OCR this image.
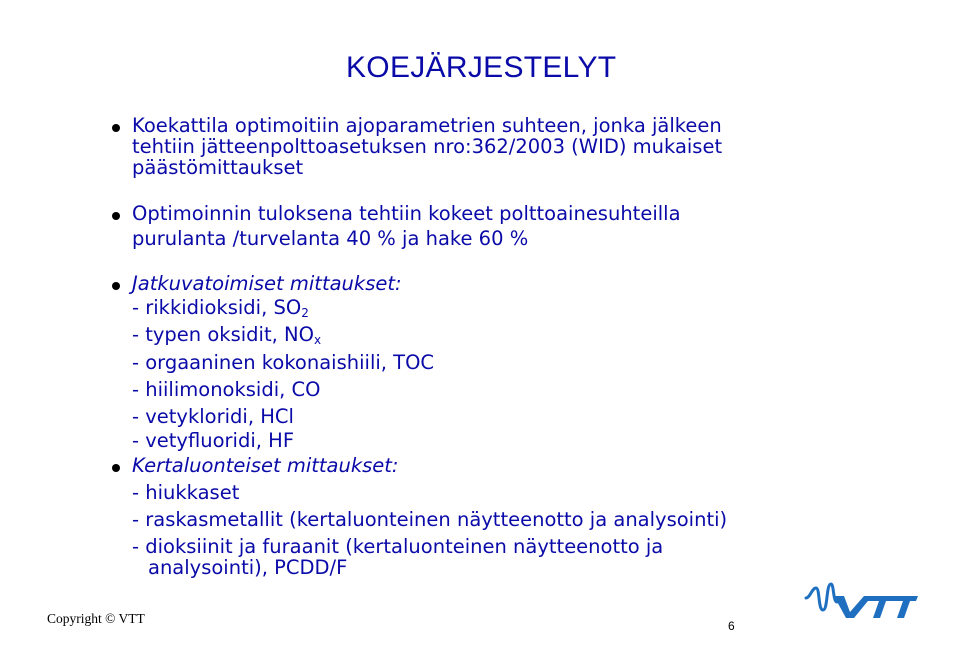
KOEJÄRJESTELYT
Koekattila optimoitiin ajoparametrien suhteen, jonka jälkeen
tehtiin jätteenpolttoasetuksen nro:362/2003 (WID) mukaiset
päästömittaukset
Optimoinnin tuloksena tehtiin kokeet polttoainesuhteilla
purulanta /turvelanta 40 % ja hake 60 %
Jatkuvatoimiset mittaukset:
- rikkidioksidi, $SO_2$
- typen oksidit, $NO_x$
- orgaaninen kokonaishiili, TOC
- hiilimonoksidi, CO
- vetykloridi, HCl
- vetyfluoridi, HF
Kertaluonteiset mittaukset:
- hiukkaset
- raskasmetallit (kertaluonteinen näytteenotto ja analysointi)
- dioksiinit ja furaanit (kertaluonteinen näytteenotto ja
analysointi), PCDD/F
Copyright © VTT	6
VTT
